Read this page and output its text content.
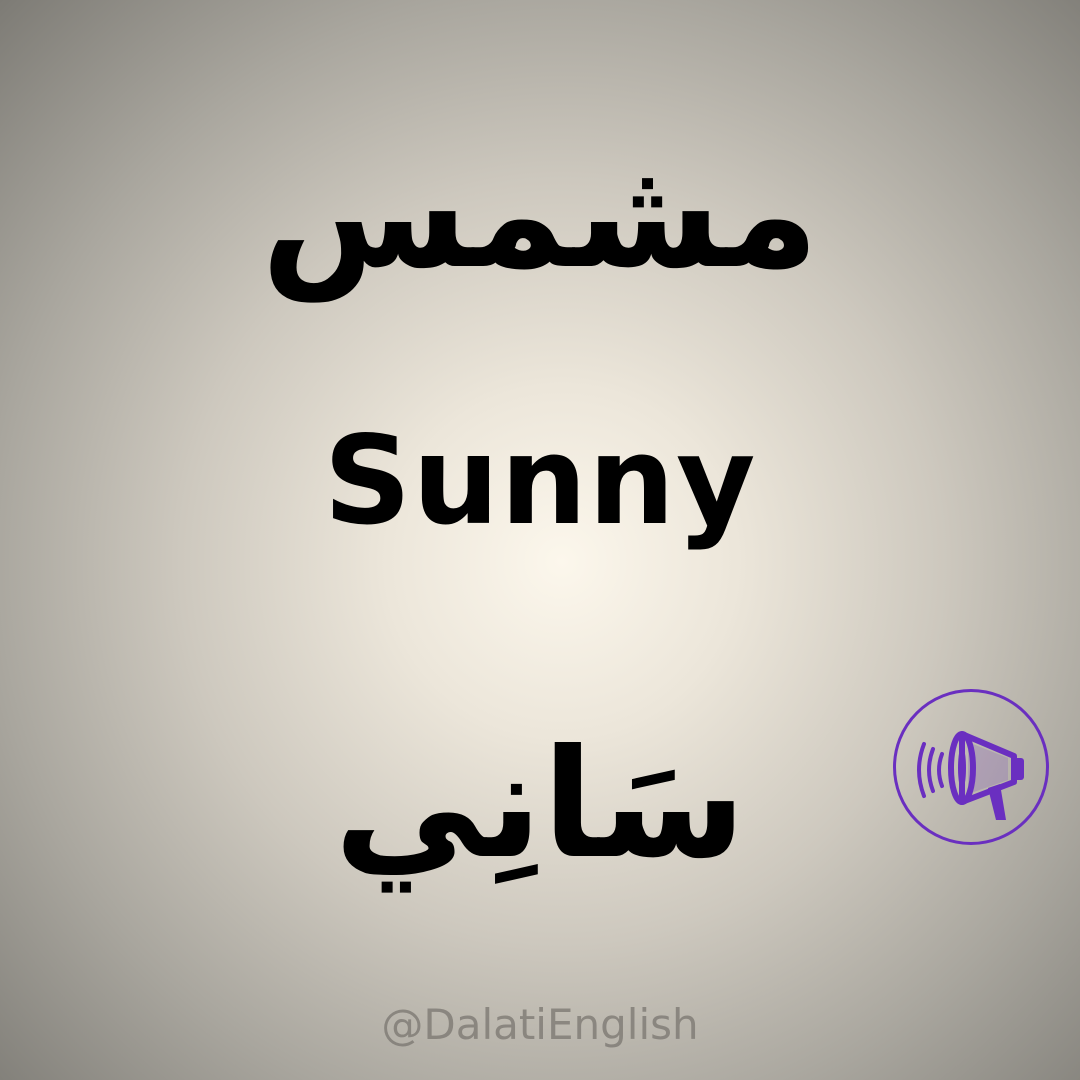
مشمس
Sunny
سَانِي
@DalatiEnglish
